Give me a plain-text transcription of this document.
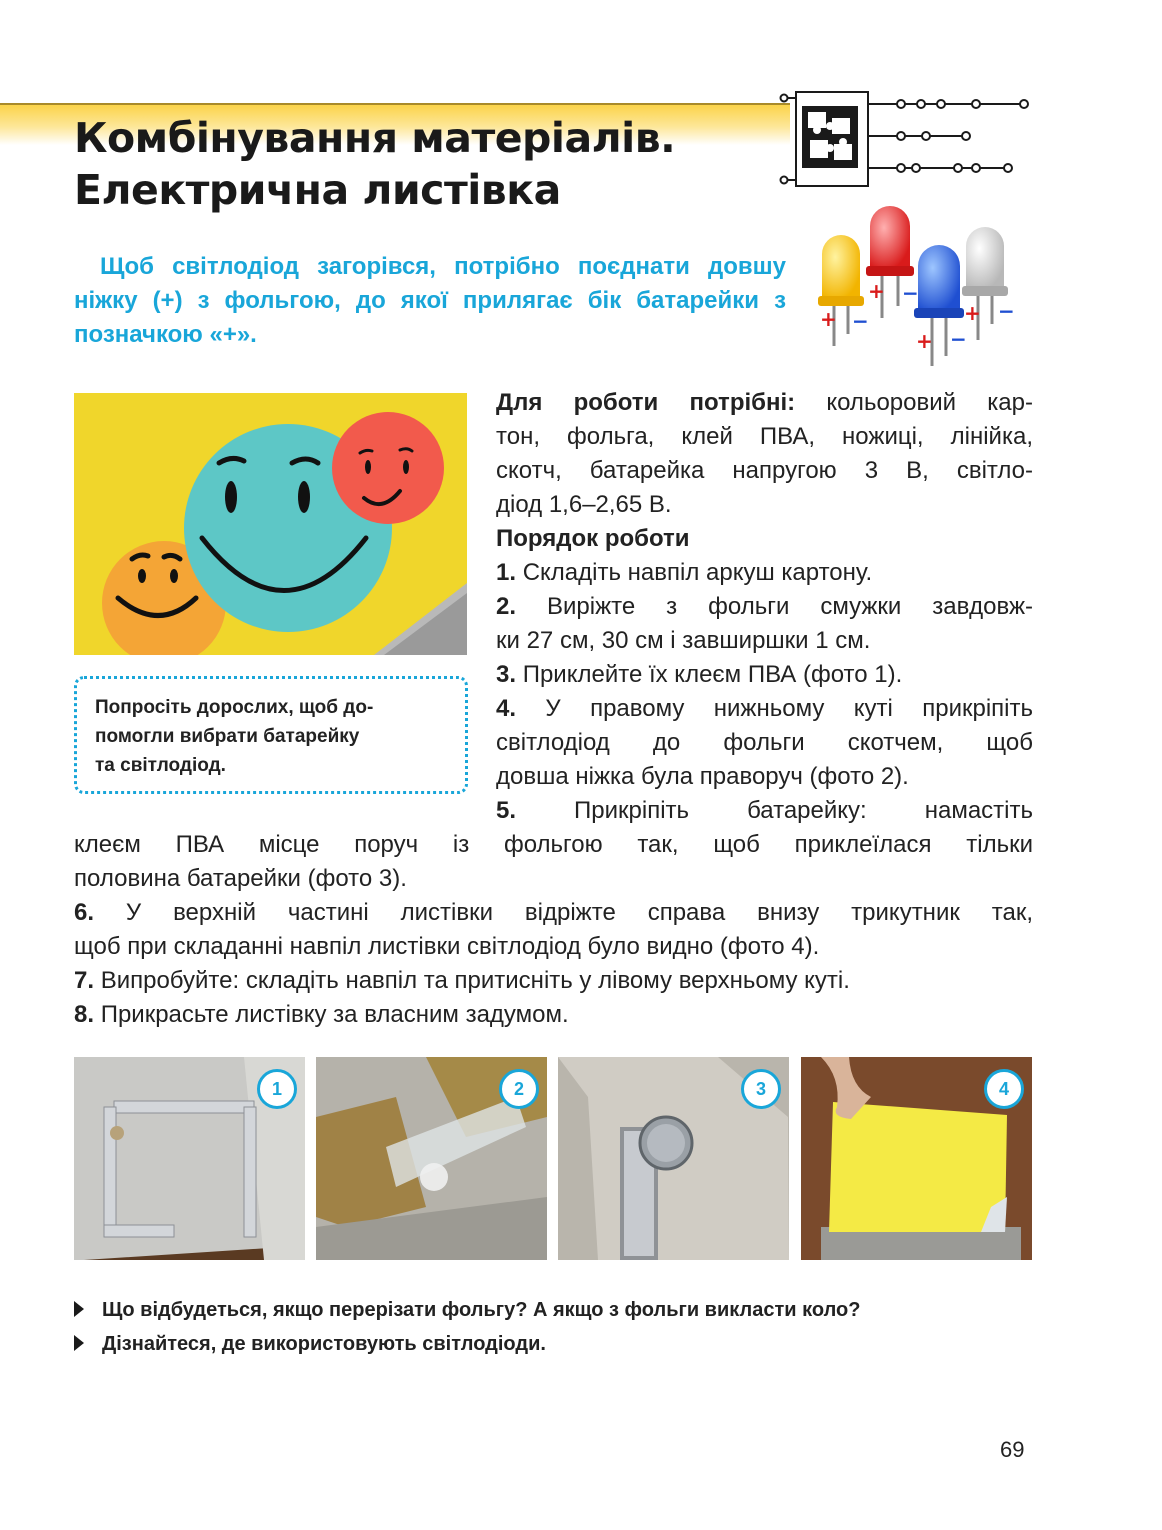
Комбінування матеріалів.
Електрична листівка
Щоб світлодіод загорівся, потрібно поєднати довшу ніжку (+) з фольгою, до якої прилягає бік батарейки з позначкою «+».
+ −
+ −
+ −
+ −
Попросіть дорослих, щоб до-
помогли вибрати батарейку
та світлодіод.
Для роботи потрібні: кольоровий кар-
тон, фольга, клей ПВА, ножиці, лінійка,
скотч, батарейка напругою 3 В, світло-
діод 1,6–2,65 В.
Порядок роботи
1. Складіть навпіл аркуш картону.
2. Виріжте з фольги смужки завдовж-
ки 27 см, 30 см і завширшки 1 см.
3. Приклейте їх клеєм ПВА (фото 1).
4. У правому нижньому куті прикріпіть
світлодіод до фольги скотчем, щоб
довша ніжка була праворуч (фото 2).
5. Прикріпіть батарейку: намастіть
клеєм ПВА місце поруч із фольгою так, щоб приклеїлася тільки
половина батарейки (фото 3).
6. У верхній частині листівки відріжте справа внизу трикутник так,
щоб при складанні навпіл листівки світлодіод було видно (фото 4).
7. Випробуйте: складіть навпіл та притисніть у лівому верхньому куті.
8. Прикрасьте листівку за власним задумом.
1	2	3	4
Що відбудеться, якщо перерізати фольгу? А якщо з фольги викласти коло?
Дізнайтеся, де використовують світлодіоди.
69
